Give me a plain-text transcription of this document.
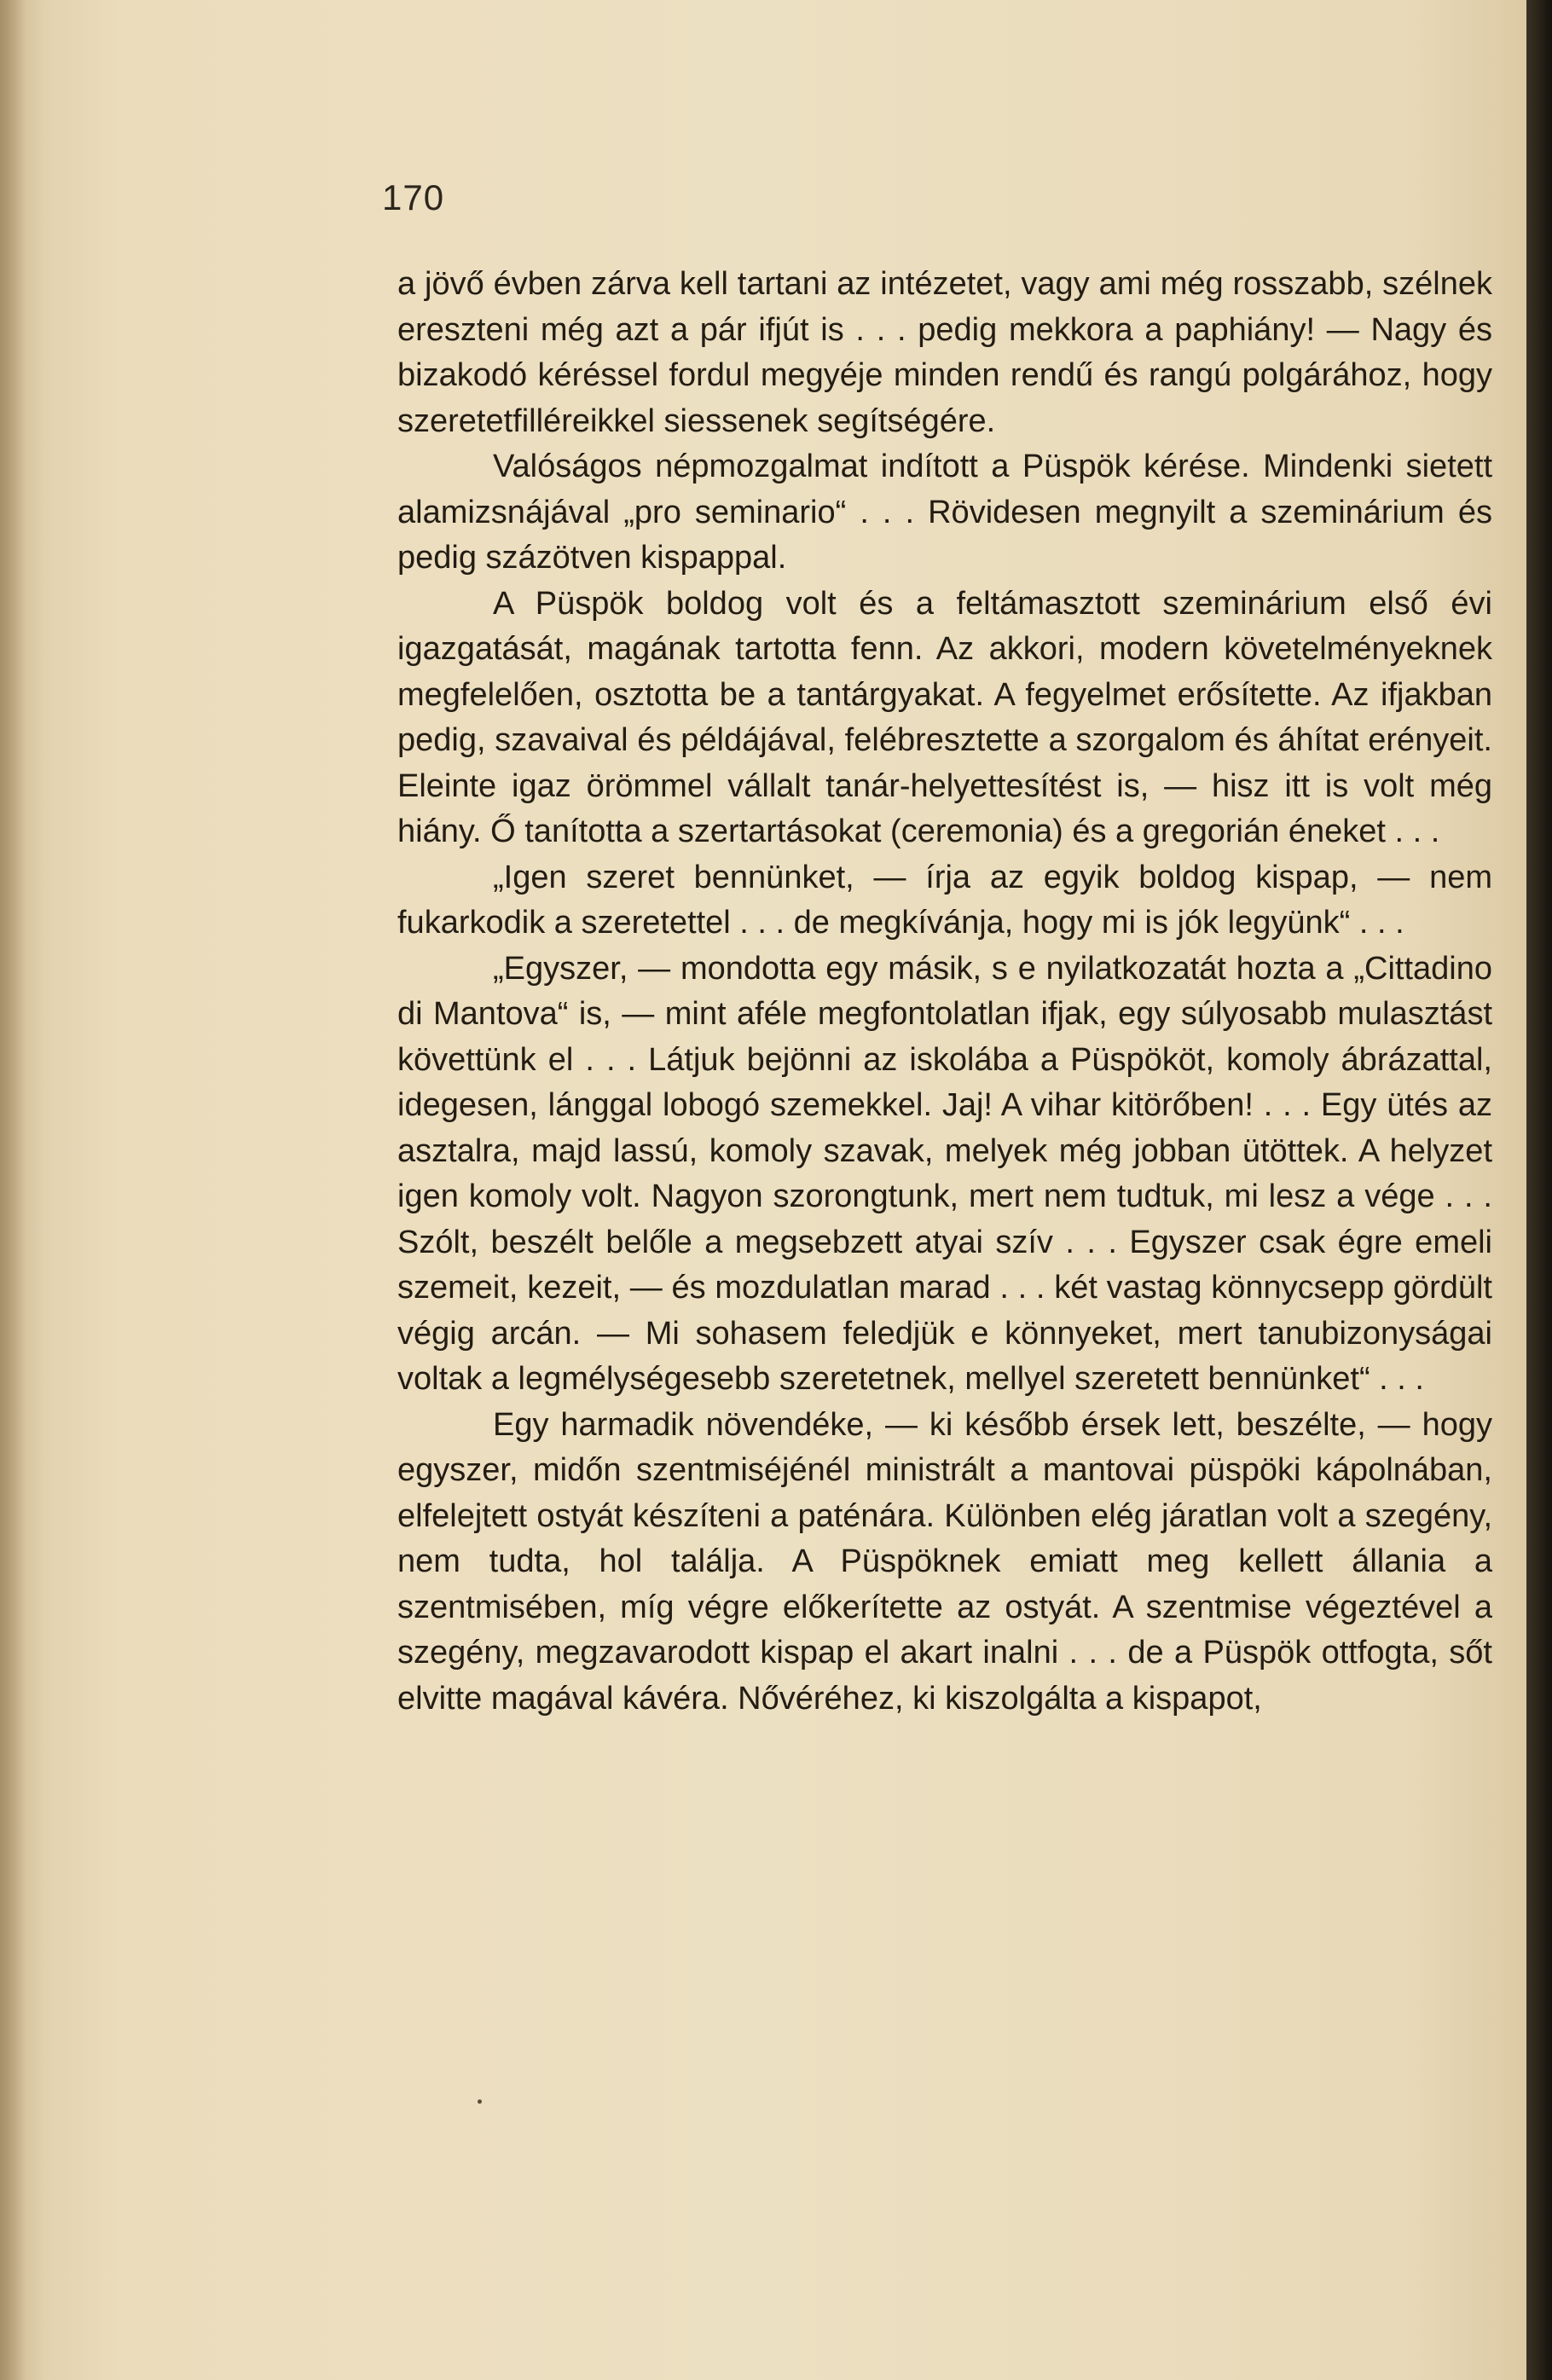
170

a jövő évben zárva kell tartani az intézetet, vagy ami még rosszabb, szélnek ereszteni még azt a pár ifjút is . . . pedig mekkora a paphiány! — Nagy és bizakodó kéréssel fordul megyéje minden rendű és rangú polgárához, hogy szeretetfilléreikkel siessenek segítségére.

Valóságos népmozgalmat indított a Püspök kérése. Mindenki sietett alamizsnájával „pro seminario“ . . . Rövidesen megnyilt a szeminárium és pedig százötven kispappal.

A Püspök boldog volt és a feltámasztott szeminárium első évi igazgatását, magának tartotta fenn. Az akkori, modern követelményeknek megfelelően, osztotta be a tantárgyakat. A fegyelmet erősítette. Az ifjakban pedig, szavaival és példájával, felébresztette a szorgalom és áhítat erényeit. Eleinte igaz örömmel vállalt tanár-helyettesítést is, — hisz itt is volt még hiány. Ő tanította a szertartásokat (ceremonia) és a gregorián éneket . . .

„Igen szeret bennünket, — írja az egyik boldog kispap, — nem fukarkodik a szeretettel . . . de megkívánja, hogy mi is jók legyünk“ . . .

„Egyszer, — mondotta egy másik, s e nyilatkozatát hozta a „Cittadino di Mantova“ is, — mint aféle megfontolatlan ifjak, egy súlyosabb mulasztást követtünk el . . . Látjuk bejönni az iskolába a Püspököt, komoly ábrázattal, idegesen, lánggal lobogó szemekkel. Jaj! A vihar kitörőben! . . . Egy ütés az asztalra, majd lassú, komoly szavak, melyek még jobban ütöttek. A helyzet igen komoly volt. Nagyon szorongtunk, mert nem tudtuk, mi lesz a vége . . . Szólt, beszélt belőle a megsebzett atyai szív . . . Egyszer csak égre emeli szemeit, kezeit, — és mozdulatlan marad . . . két vastag könnycsepp gördült végig arcán. — Mi sohasem feledjük e könnyeket, mert tanubizonyságai voltak a legmélységesebb szeretetnek, mellyel szeretett bennünket“ . . .

Egy harmadik növendéke, — ki később érsek lett, beszélte, — hogy egyszer, midőn szentmiséjénél ministrált a mantovai püspöki kápolnában, elfelejtett ostyát készíteni a paténára. Különben elég járatlan volt a szegény, nem tudta, hol találja. A Püspöknek emiatt meg kellett állania a szentmisében, míg végre előkerítette az ostyát. A szentmise végeztével a szegény, megzavarodott kispap el akart inalni . . . de a Püspök ottfogta, sőt elvitte magával kávéra. Nővéréhez, ki kiszolgálta a kispapot,
